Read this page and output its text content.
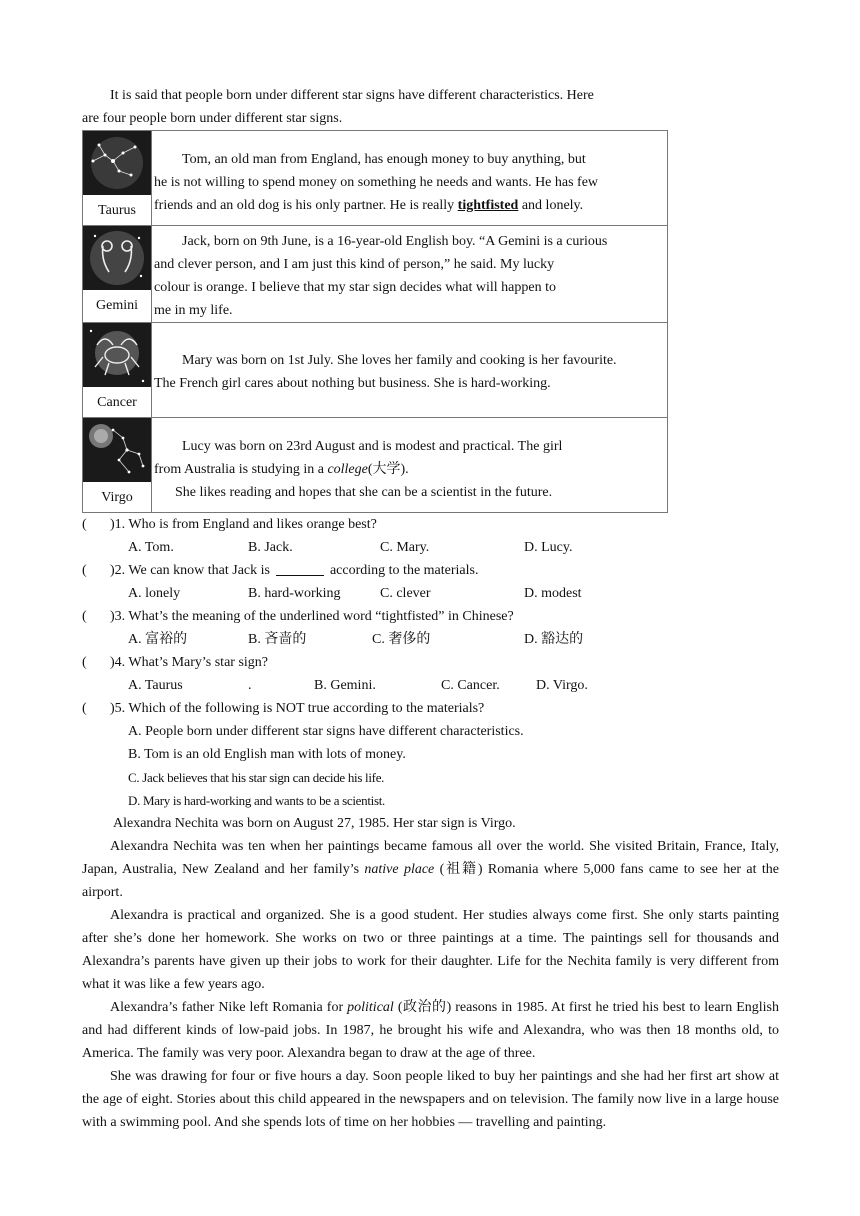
It is said that people born under different star signs have different characteristics. Here

are four people born under different star signs.

Taurus	Tom, an old man from England, has enough money to buy anything, but

he is not willing to spend money on something he needs and wants. He has few

friends and an old dog is his only partner. He is really tightfisted and lonely.

Gemini	Jack, born on 9th June, is a 16-year-old English boy. “A Gemini is a curious

and clever person, and I am just this kind of person,” he said. My lucky

colour is orange. I believe that my star sign decides what will happen to

me in my life.

Cancer	Mary was born on 1st July. She loves her family and cooking is her favourite.

The French girl cares about nothing but business. She is hard-working.

Virgo	Lucy was born on 23rd August and is modest and practical. The girl

from Australia is studying in a college(大学).

She likes reading and hopes that she can be a scientist in the future.

( )1. Who is from England and likes orange best?

A. Tom.	B. Jack.	C. Mary.	D. Lucy.

( )2. We can know that Jack is	according to the materials.

A. lonely	B. hard-working	C. clever	D. modest

( )3. What’s the meaning of the underlined word “tightfisted” in Chinese?

A. 富裕的	B. 吝啬的	C. 奢侈的	D. 豁达的

( )4. What’s Mary’s star sign?

A. Taurus	.	B. Gemini.	C. Cancer.	D. Virgo.

( )5. Which of the following is NOT true according to the materials?

A. People born under different star signs have different characteristics.

B. Tom is an old English man with lots of money.

C. Jack believes that his star sign can decide his life.

D. Mary is hard-working and wants to be a scientist.

Alexandra Nechita was born on August 27, 1985. Her star sign is Virgo.

Alexandra Nechita was ten when her paintings became famous all over the world. She visited Britain, France, Italy, Japan, Australia, New Zealand and her family’s native place (祖籍) Romania where 5,000 fans came to see her at the airport.

Alexandra is practical and organized. She is a good student. Her studies always come first. She only starts painting after she’s done her homework. She works on two or three paintings at a time. The paintings sell for thousands and Alexandra’s parents have given up their jobs to work for their daughter. Life for the Nechita family is very different from what it was like a few years ago.

Alexandra’s father Nike left Romania for political (政治的) reasons in 1985. At first he tried his best to learn English and had different kinds of low-paid jobs. In 1987, he brought his wife and Alexandra, who was then 18 months old, to America. The family was very poor. Alexandra began to draw at the age of three.

She was drawing for four or five hours a day. Soon people liked to buy her paintings and she had her first art show at the age of eight. Stories about this child appeared in the newspapers and on television. The family now live in a large house with a swimming pool. And she spends lots of time on her hobbies — travelling and painting.
